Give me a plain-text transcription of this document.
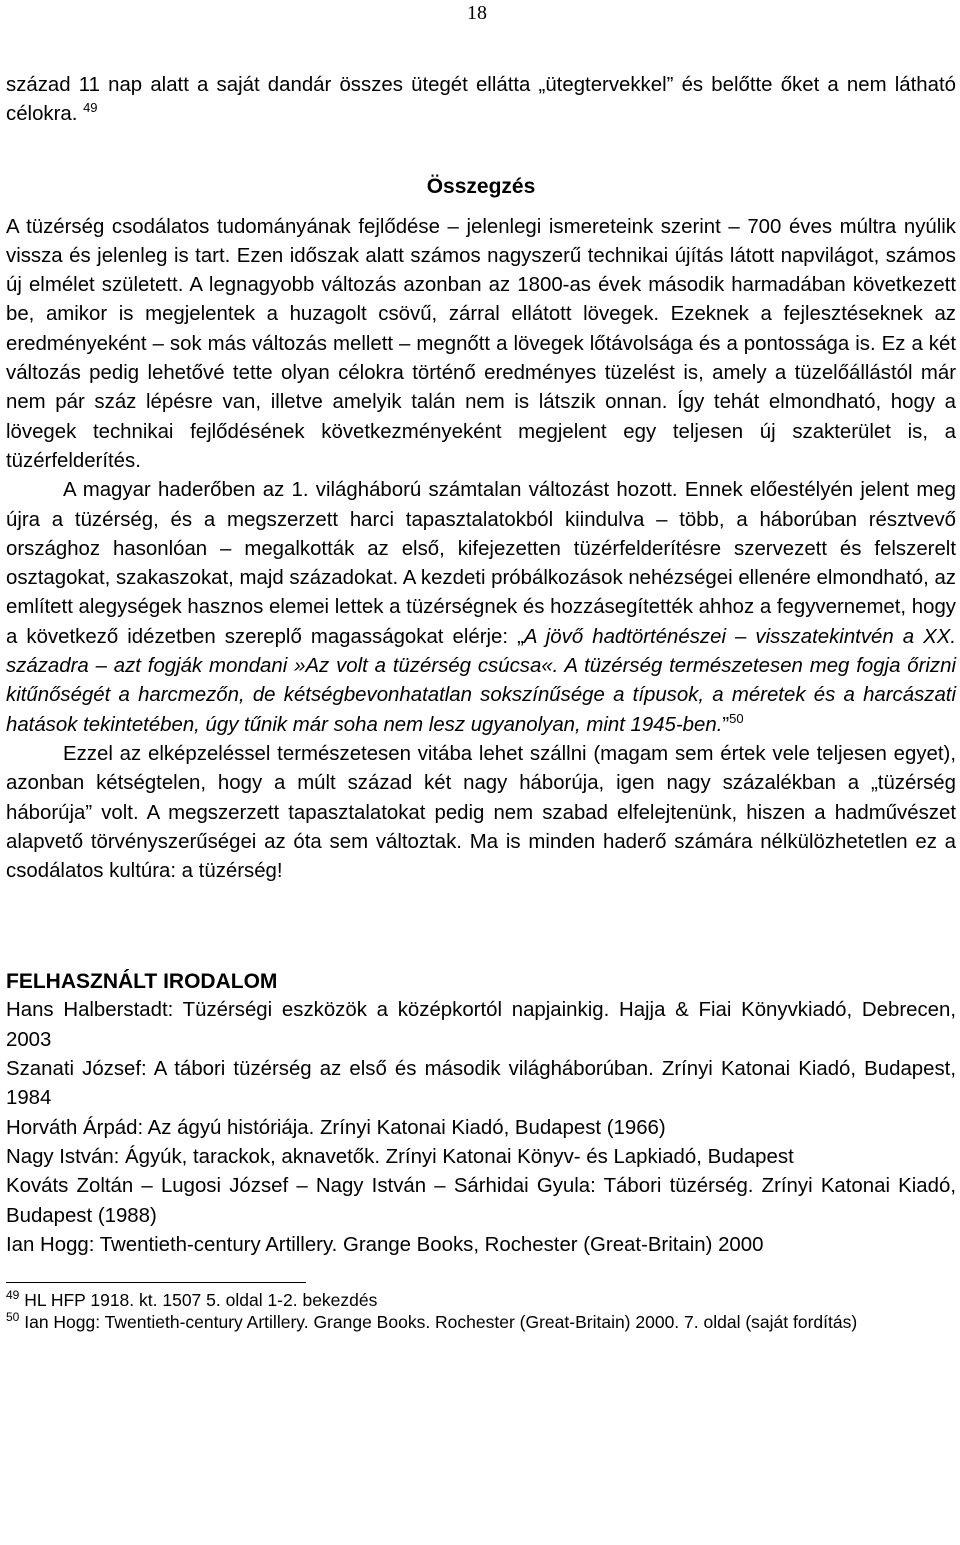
18

század 11 nap alatt a saját dandár összes ütegét ellátta „ütegtervekkel” és belőtte őket a nem látható célokra. $^{49}$

Összegzés

A tüzérség csodálatos tudományának fejlődése – jelenlegi ismereteink szerint – 700 éves múltra nyúlik vissza és jelenleg is tart. Ezen időszak alatt számos nagyszerű technikai újítás látott napvilágot, számos új elmélet született. A legnagyobb változás azonban az 1800-as évek második harmadában következett be, amikor is megjelentek a huzagolt csövű, zárral ellátott lövegek. Ezeknek a fejlesztéseknek az eredményeként – sok más változás mellett – megnőtt a lövegek lőtávolsága és a pontossága is. Ez a két változás pedig lehetővé tette olyan célokra történő eredményes tüzelést is, amely a tüzelőállástól már nem pár száz lépésre van, illetve amelyik talán nem is látszik onnan. Így tehát elmondható, hogy a lövegek technikai fejlődésének következményeként megjelent egy teljesen új szakterület is, a tüzérfelderítés.

A magyar haderőben az 1. világháború számtalan változást hozott. Ennek előestélyén jelent meg újra a tüzérség, és a megszerzett harci tapasztalatokból kiindulva – több, a háborúban résztvevő országhoz hasonlóan – megalkották az első, kifejezetten tüzérfelderítésre szervezett és felszerelt osztagokat, szakaszokat, majd századokat. A kezdeti próbálkozások nehézségei ellenére elmondható, az említett alegységek hasznos elemei lettek a tüzérségnek és hozzásegítették ahhoz a fegyvernemet, hogy a következő idézetben szereplő magasságokat elérje: „A jövő hadtörténészei – visszatekintvén a XX. századra – azt fogják mondani »Az volt a tüzérség csúcsa«. A tüzérség természetesen meg fogja őrizni kitűnőségét a harcmezőn, de kétségbevonhatatlan sokszínűsége a típusok, a méretek és a harcászati hatások tekintetében, úgy tűnik már soha nem lesz ugyanolyan, mint 1945-ben.”$^{50}$

Ezzel az elképzeléssel természetesen vitába lehet szállni (magam sem értek vele teljesen egyet), azonban kétségtelen, hogy a múlt század két nagy háborúja, igen nagy százalékban a „tüzérség háborúja” volt. A megszerzett tapasztalatokat pedig nem szabad elfelejtenünk, hiszen a hadművészet alapvető törvényszerűségei az óta sem változtak. Ma is minden haderő számára nélkülözhetetlen ez a csodálatos kultúra: a tüzérség!

FELHASZNÁLT IRODALOM

Hans Halberstadt: Tüzérségi eszközök a középkortól napjainkig. Hajja & Fiai Könyvkiadó, Debrecen, 2003

Szanati József: A tábori tüzérség az első és második világháborúban. Zrínyi Katonai Kiadó, Budapest, 1984

Horváth Árpád: Az ágyú históriája. Zrínyi Katonai Kiadó, Budapest (1966)

Nagy István: Ágyúk, tarackok, aknavetők. Zrínyi Katonai Könyv- és Lapkiadó, Budapest

Kováts Zoltán – Lugosi József – Nagy István – Sárhidai Gyula: Tábori tüzérség. Zrínyi Katonai Kiadó, Budapest (1988)

Ian Hogg: Twentieth-century Artillery. Grange Books, Rochester (Great-Britain) 2000

$^{49}$ HL HFP 1918. kt. 1507 5. oldal 1-2. bekezdés

$^{50}$ Ian Hogg: Twentieth-century Artillery. Grange Books. Rochester (Great-Britain) 2000. 7. oldal (saját fordítás)
